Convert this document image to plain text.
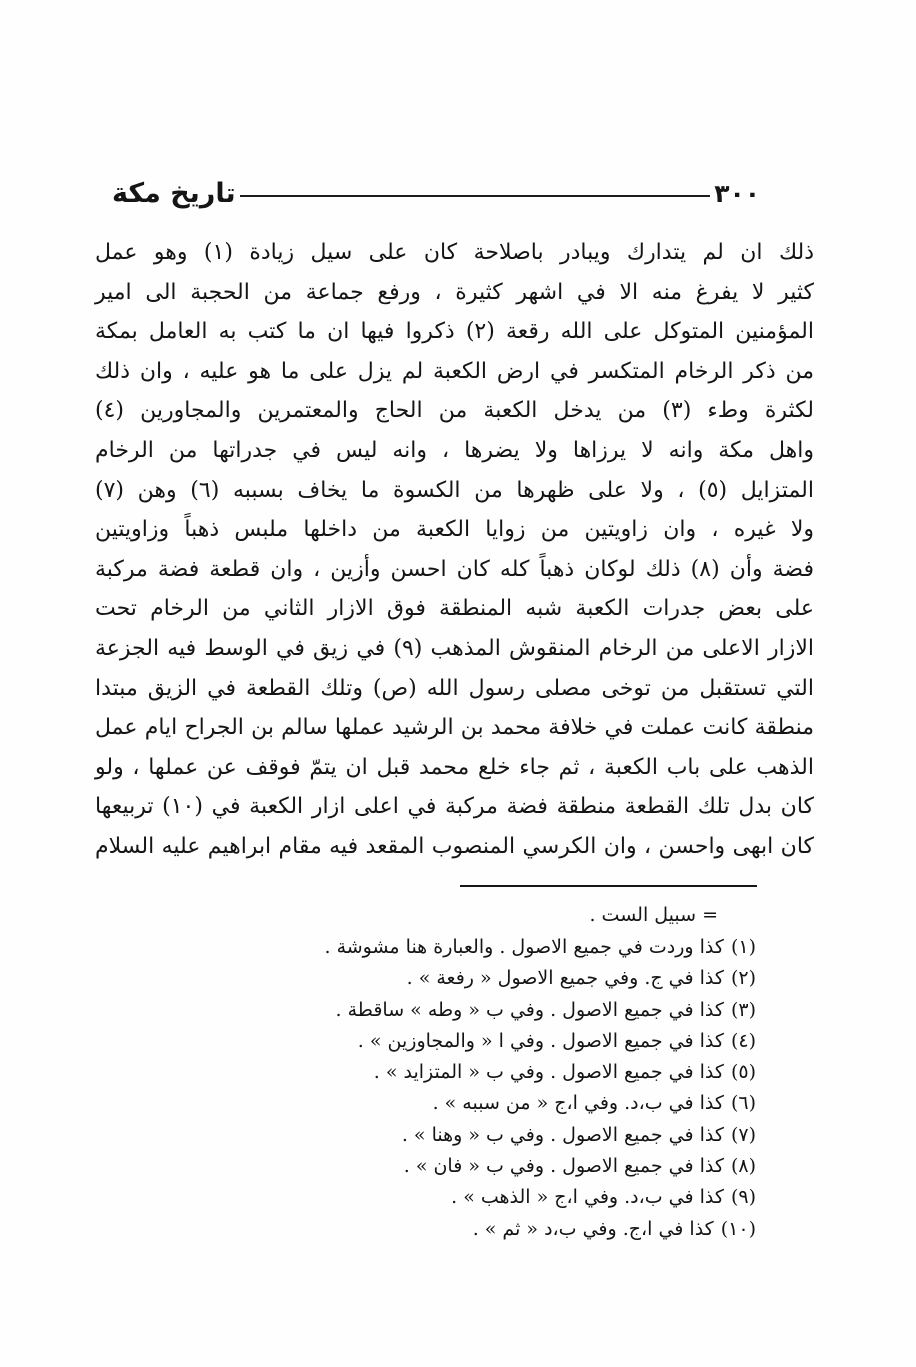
تاريخ مكة	٣٠٠
ذلك ان لم يتدارك ويبادر باصلاحة كان على سيل زيادة (١) وهو عمل
كثير لا يفرغ منه الا في اشهر كثيرة ، ورفع جماعة من الحجبة الى امير
المؤمنين المتوكل على الله رقعة (٢) ذكروا فيها ان ما كتب به العامل بمكة
من ذكر الرخام المتكسر في ارض الكعبة لم يزل على ما هو عليه ، وان ذلك
لكثرة وطء (٣) من يدخل الكعبة من الحاج والمعتمرين والمجاورين (٤)
واهل مكة وانه لا يرزاها ولا يضرها ، وانه ليس في جدراتها من الرخام
المتزايل (٥) ، ولا على ظهرها من الكسوة ما يخاف بسببه (٦) وهن (٧)
ولا غيره ، وان زاويتين من زوايا الكعبة من داخلها ملبس ذهباً وزاويتين
فضة وأن (٨) ذلك لوكان ذهباً كله كان احسن وأزين ، وان قطعة فضة مركبة
على بعض جدرات الكعبة شبه المنطقة فوق الازار الثاني من الرخام تحت
الازار الاعلى من الرخام المنقوش المذهب (٩) في زيق في الوسط فيه الجزعة
التي تستقبل من توخى مصلى رسول الله (ص) وتلك القطعة في الزيق مبتدا
منطقة كانت عملت في خلافة محمد بن الرشيد عملها سالم بن الجراح ايام عمل
الذهب على باب الكعبة ، ثم جاء خلع محمد قبل ان يتمّ فوقف عن عملها ، ولو
كان بدل تلك القطعة منطقة فضة مركبة في اعلى ازار الكعبة في (١٠) تربيعها
كان ابهى واحسن ، وان الكرسي المنصوب المقعد فيه مقام ابراهيم عليه السلام
= سبيل الست .
(١)كذا وردت في جميع الاصول . والعبارة هنا مشوشة .
(٢)كذا في ج. وفي جميع الاصول « رفعة » .
(٣)كذا في جميع الاصول . وفي ب « وطه » ساقطة .
(٤)كذا في جميع الاصول . وفي ا « والمجاوزين » .
(٥)كذا في جميع الاصول . وفي ب « المتزايد » .
(٦)كذا في ب،د. وفي ا،ج « من سببه » .
(٧)كذا في جميع الاصول . وفي ب « وهنا » .
(٨)كذا في جميع الاصول . وفي ب « فان » .
(٩)كذا في ب،د. وفي ا،ج « الذهب » .
(١٠)كذا في ا،ج. وفي ب،د « ثم » .
